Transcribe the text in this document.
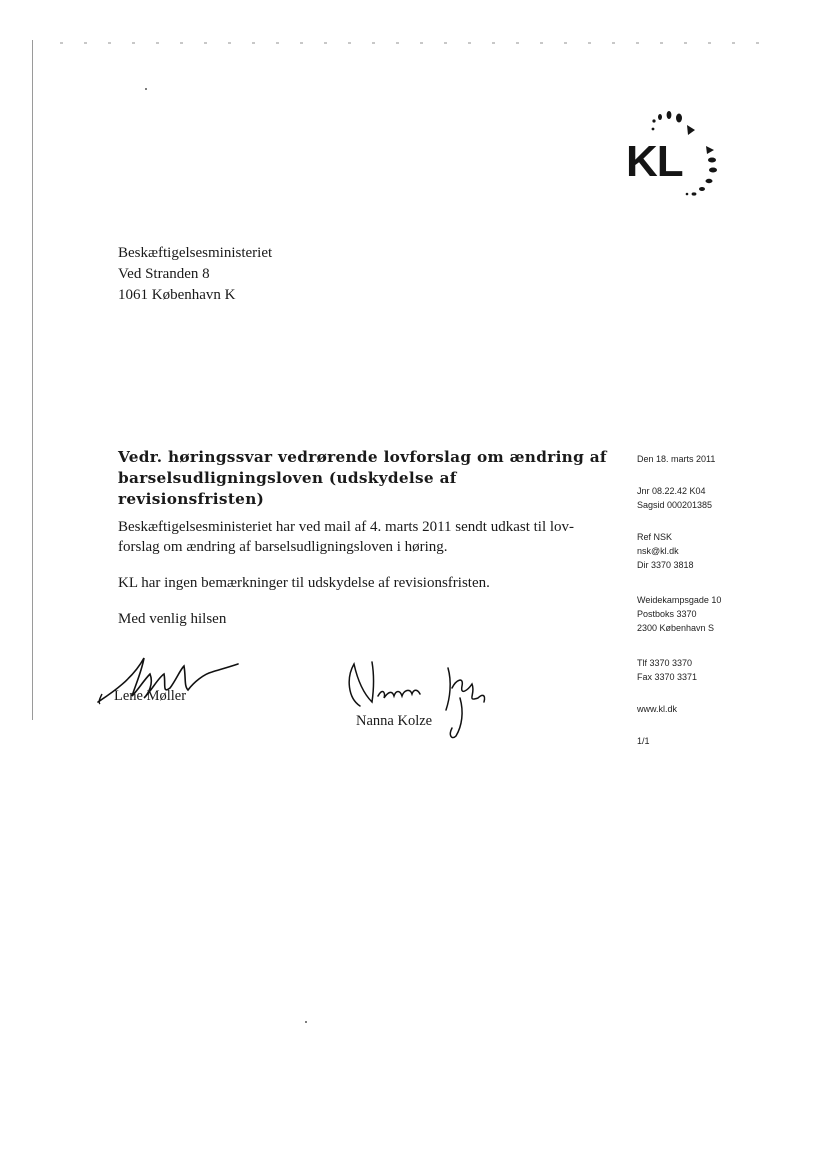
KL
Beskæftigelsesministeriet
Ved Stranden 8
1061 København K
Vedr. høringssvar vedrørende lovforslag om ændring af
barselsudligningsloven (udskydelse af revisionsfristen)
Beskæftigelsesministeriet har ved mail af 4. marts 2011 sendt udkast til lov-
forslag om ændring af barselsudligningsloven i høring.
KL har ingen bemærkninger til udskydelse af revisionsfristen.
Med venlig hilsen
Lene Møller
Nanna Kolze
Den 18. marts 2011
Jnr 08.22.42 K04
Sagsid 000201385
Ref NSK
nsk@kl.dk
Dir 3370 3818
Weidekampsgade 10
Postboks 3370
2300 København S
Tlf 3370 3370
Fax 3370 3371
www.kl.dk
1/1
